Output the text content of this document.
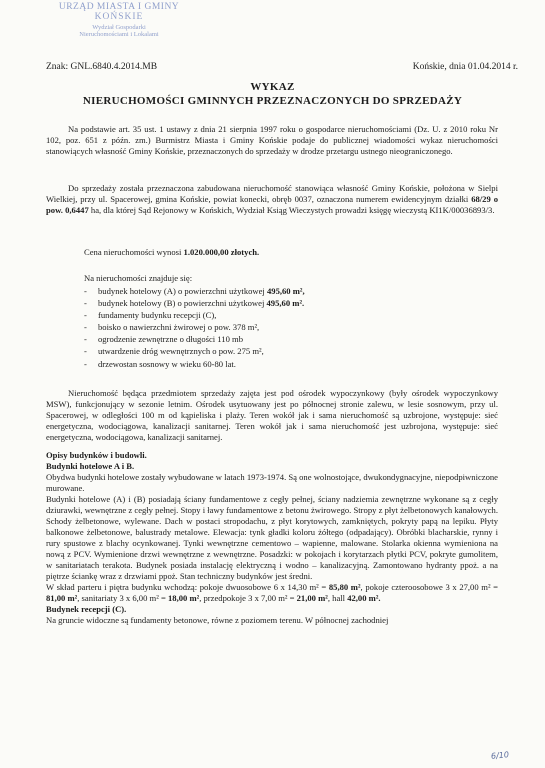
URZĄD MIASTA I GMINY
KOŃSKIE
Wydział Gospodarki
Nieruchomościami i Lokalami
Znak: GNL.6840.4.2014.MB	Końskie, dnia 01.04.2014 r.
WYKAZ
NIERUCHOMOŚCI GMINNYCH PRZEZNACZONYCH DO SPRZEDAŻY
Na podstawie art. 35 ust. 1 ustawy z dnia 21 sierpnia 1997 roku o gospodarce nieruchomościami (Dz. U. z 2010 roku Nr 102, poz. 651 z późn. zm.) Burmistrz Miasta i Gminy Końskie podaje do publicznej wiadomości wykaz nieruchomości stanowiących własność Gminy Końskie, przeznaczonych do sprzedaży w drodze przetargu ustnego nieograniczonego.
Do sprzedaży została przeznaczona zabudowana nieruchomość stanowiąca własność Gminy Końskie, położona w Sielpi Wielkiej, przy ul. Spacerowej, gmina Końskie, powiat konecki, obręb 0037, oznaczona numerem ewidencyjnym działki 68/29 o pow. 0,6447 ha, dla której Sąd Rejonowy w Końskich, Wydział Ksiąg Wieczystych prowadzi księgę wieczystą KI1K/00036893/3.
Cena nieruchomości wynosi 1.020.000,00 złotych.
Na nieruchomości znajduje się:
- budynek hotelowy (A) o powierzchni użytkowej 495,60 m²,
- budynek hotelowy (B) o powierzchni użytkowej 495,60 m².
- fundamenty budynku recepcji (C),
- boisko o nawierzchni żwirowej o pow. 378 m²,
- ogrodzenie zewnętrzne o długości 110 mb
- utwardzenie dróg wewnętrznych o pow. 275 m²,
- drzewostan sosnowy w wieku 60-80 lat.
Nieruchomość będąca przedmiotem sprzedaży zajęta jest pod ośrodek wypoczynkowy (były ośrodek wypoczynkowy MSW), funkcjonujący w sezonie letnim. Ośrodek usytuowany jest po północnej stronie zalewu, w lesie sosnowym, przy ul. Spacerowej, w odległości 100 m od kąpieliska i plaży. Teren wokół jak i sama nieruchomość są uzbrojone, występuje: sieć energetyczna, wodociągowa, kanalizacji sanitarnej. Teren wokół jak i sama nieruchomość jest uzbrojona, występuje: sieć energetyczna, wodociągowa, kanalizacji sanitarnej.

Opisy budynków i budowli.

Budynki hotelowe A i B.

Obydwa budynki hotelowe zostały wybudowane w latach 1973-1974. Są one wolnostojące, dwukondygnacyjne, niepodpiwniczone murowane.

Budynki hotelowe (A) i (B) posiadają ściany fundamentowe z cegły pełnej, ściany nadziemia zewnętrzne wykonane są z cegły dziurawki, wewnętrzne z cegły pełnej. Stopy i ławy fundamentowe z betonu żwirowego. Stropy z płyt żelbetonowych kanałowych. Schody żelbetonowe, wylewane. Dach w postaci stropodachu, z płyt korytowych, zamkniętych, pokryty papą na lepiku. Płyty balkonowe żelbetonowe, balustrady metalowe. Elewacja: tynk gładki koloru żółtego (odpadający). Obróbki blacharskie, rynny i rury spustowe z blachy ocynkowanej. Tynki wewnętrzne cementowo – wapienne, malowane. Stolarka okienna wymieniona na nową z PCV. Wymienione drzwi wewnętrzne z wewnętrzne. Posadzki: w pokojach i korytarzach płytki PCV, pokryte gumolitem, w sanitariatach terakota. Budynek posiada instalację elektryczną i wodno – kanalizacyjną. Zamontowano hydranty ppoż. a na piętrze ściankę wraz z drzwiami ppoż. Stan techniczny budynków jest średni.

W skład parteru i piętra budynku wchodzą: pokoje dwuosobowe 6 x 14,30 m² = 85,80 m², pokoje czteroosobowe 3 x 27,00 m² = 81,00 m², sanitariaty 3 x 6,00 m² = 18,00 m², przedpokoje 3 x 7,00 m² = 21,00 m², hall 42,00 m².

Budynek recepcji (C).

Na gruncie widoczne są fundamenty betonowe, równe z poziomem terenu. W północnej zachodniej

6/10
